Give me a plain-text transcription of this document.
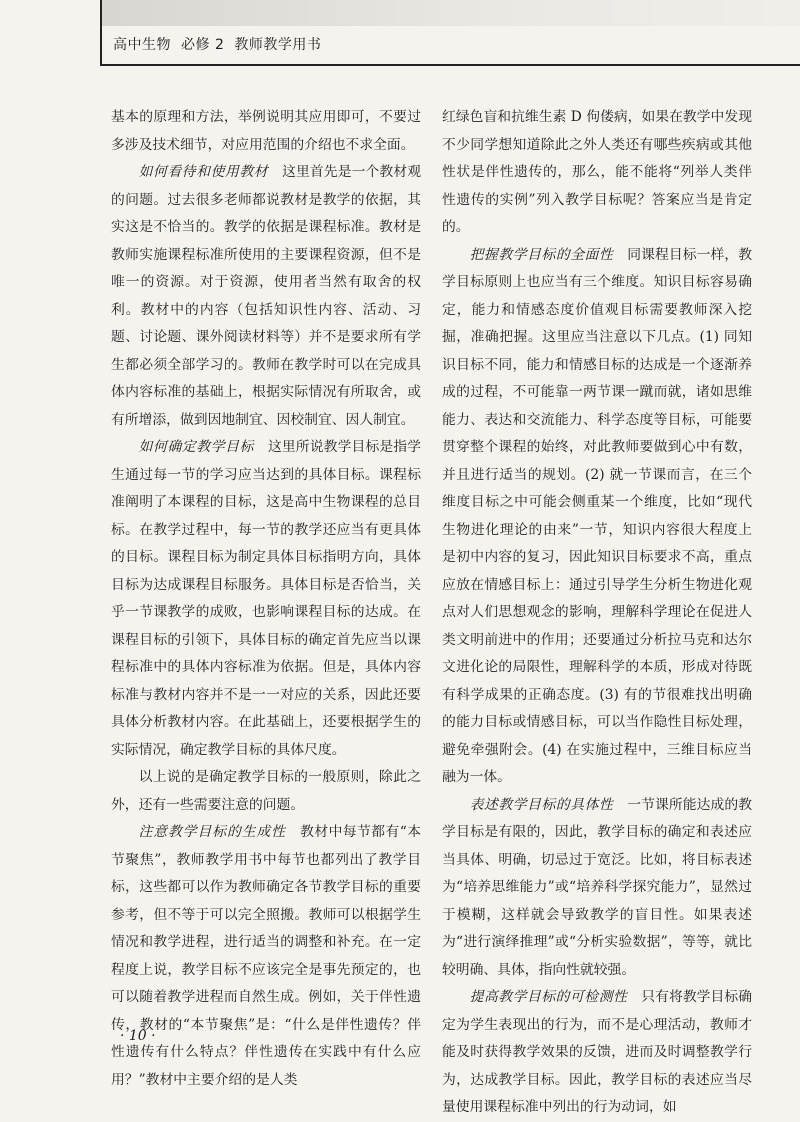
高中生物 必修 2 教师教学用书

基本的原理和方法，举例说明其应用即可，不要过多涉及技术细节，对应用范围的介绍也不求全面。

如何看待和使用教材　 这里首先是一个教材观的问题。过去很多老师都说教材是教学的依据，其实这是不恰当的。教学的依据是课程标准。教材是教师实施课程标准所使用的主要课程资源，但不是唯一的资源。对于资源，使用者当然有取舍的权利。教材中的内容（包括知识性内容、活动、习题、讨论题、课外阅读材料等）并不是要求所有学生都必须全部学习的。教师在教学时可以在完成具体内容标准的基础上，根据实际情况有所取舍，或有所增添，做到因地制宜、因校制宜、因人制宜。

如何确定教学目标　 这里所说教学目标是指学生通过每一节的学习应当达到的具体目标。课程标准阐明了本课程的目标，这是高中生物课程的总目标。在教学过程中，每一节的教学还应当有更具体的目标。课程目标为制定具体目标指明方向，具体目标为达成课程目标服务。具体目标是否恰当，关乎一节课教学的成败，也影响课程目标的达成。在课程目标的引领下，具体目标的确定首先应当以课程标准中的具体内容标准为依据。但是，具体内容标准与教材内容并不是一一对应的关系，因此还要具体分析教材内容。在此基础上，还要根据学生的实际情况，确定教学目标的具体尺度。

以上说的是确定教学目标的一般原则，除此之外，还有一些需要注意的问题。

注意教学目标的生成性　 教材中每节都有“本节聚焦”，教师教学用书中每节也都列出了教学目标，这些都可以作为教师确定各节教学目标的重要参考，但不等于可以完全照搬。教师可以根据学生情况和教学进程，进行适当的调整和补充。在一定程度上说，教学目标不应该完全是事先预定的，也可以随着教学进程而自然生成。例如，关于伴性遗传，教材的“本节聚焦”是：“什么是伴性遗传？伴性遗传有什么特点？伴性遗传在实践中有什么应用？”教材中主要介绍的是人类

红绿色盲和抗维生素 D 佝偻病，如果在教学中发现不少同学想知道除此之外人类还有哪些疾病或其他性状是伴性遗传的，那么，能不能将“列举人类伴性遗传的实例”列入教学目标呢？答案应当是肯定的。

把握教学目标的全面性　 同课程目标一样，教学目标原则上也应当有三个维度。知识目标容易确定，能力和情感态度价值观目标需要教师深入挖掘，准确把握。这里应当注意以下几点。(1) 同知识目标不同，能力和情感目标的达成是一个逐渐养成的过程，不可能靠一两节课一蹴而就，诸如思维能力、表达和交流能力、科学态度等目标，可能要贯穿整个课程的始终，对此教师要做到心中有数，并且进行适当的规划。(2) 就一节课而言，在三个维度目标之中可能会侧重某一个维度，比如“现代生物进化理论的由来”一节，知识内容很大程度上是初中内容的复习，因此知识目标要求不高，重点应放在情感目标上：通过引导学生分析生物进化观点对人们思想观念的影响，理解科学理论在促进人类文明前进中的作用；还要通过分析拉马克和达尔文进化论的局限性，理解科学的本质，形成对待既有科学成果的正确态度。(3) 有的节很难找出明确的能力目标或情感目标，可以当作隐性目标处理，避免牵强附会。(4) 在实施过程中，三维目标应当融为一体。

表述教学目标的具体性　 一节课所能达成的教学目标是有限的，因此，教学目标的确定和表述应当具体、明确，切忌过于宽泛。比如，将目标表述为“培养思维能力”或“培养科学探究能力”，显然过于模糊，这样就会导致教学的盲目性。如果表述为“进行演绎推理”或“分析实验数据”，等等，就比较明确、具体，指向性就较强。

提高教学目标的可检测性　 只有将教学目标确定为学生表现出的行为，而不是心理活动，教师才能及时获得教学效果的反馈，进而及时调整教学行为，达成教学目标。因此，教学目标的表述应当尽量使用课程标准中列出的行为动词，如

· 10 ·
